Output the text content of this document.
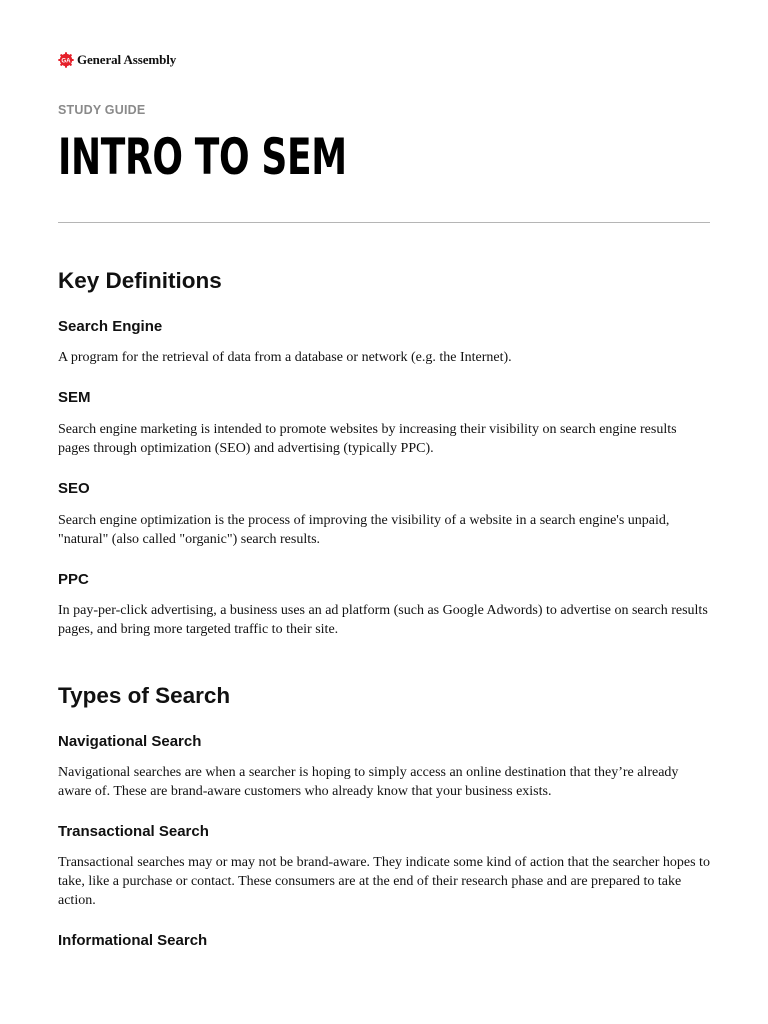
GA General Assembly
STUDY GUIDE
INTRO TO SEM
Key Definitions
Search Engine

A program for the retrieval of data from a database or network (e.g. the Internet).

SEM

Search engine marketing is intended to promote websites by increasing their visibility on search engine results pages through optimization (SEO) and advertising (typically PPC).

SEO

Search engine optimization is the process of improving the visibility of a website in a search engine's unpaid, "natural" (also called "organic") search results.

PPC

In pay-per-click advertising, a business uses an ad platform (such as Google Adwords) to advertise on search results pages, and bring more targeted traffic to their site.

Types of Search
Navigational Search

Navigational searches are when a searcher is hoping to simply access an online destination that they’re already aware of. These are brand-aware customers who already know that your business exists.

Transactional Search

Transactional searches may or may not be brand-aware. They indicate some kind of action that the searcher hopes to take, like a purchase or contact. These consumers are at the end of their research phase and are prepared to take action.

Informational Search
